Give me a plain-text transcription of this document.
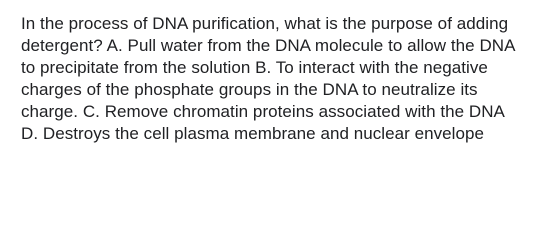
In the process of DNA purification, what is the purpose of adding
detergent? A. Pull water from the DNA molecule to allow the DNA
to precipitate from the solution B. To interact with the negative
charges of the phosphate groups in the DNA to neutralize its
charge. C. Remove chromatin proteins associated with the DNA
D. Destroys the cell plasma membrane and nuclear envelope
